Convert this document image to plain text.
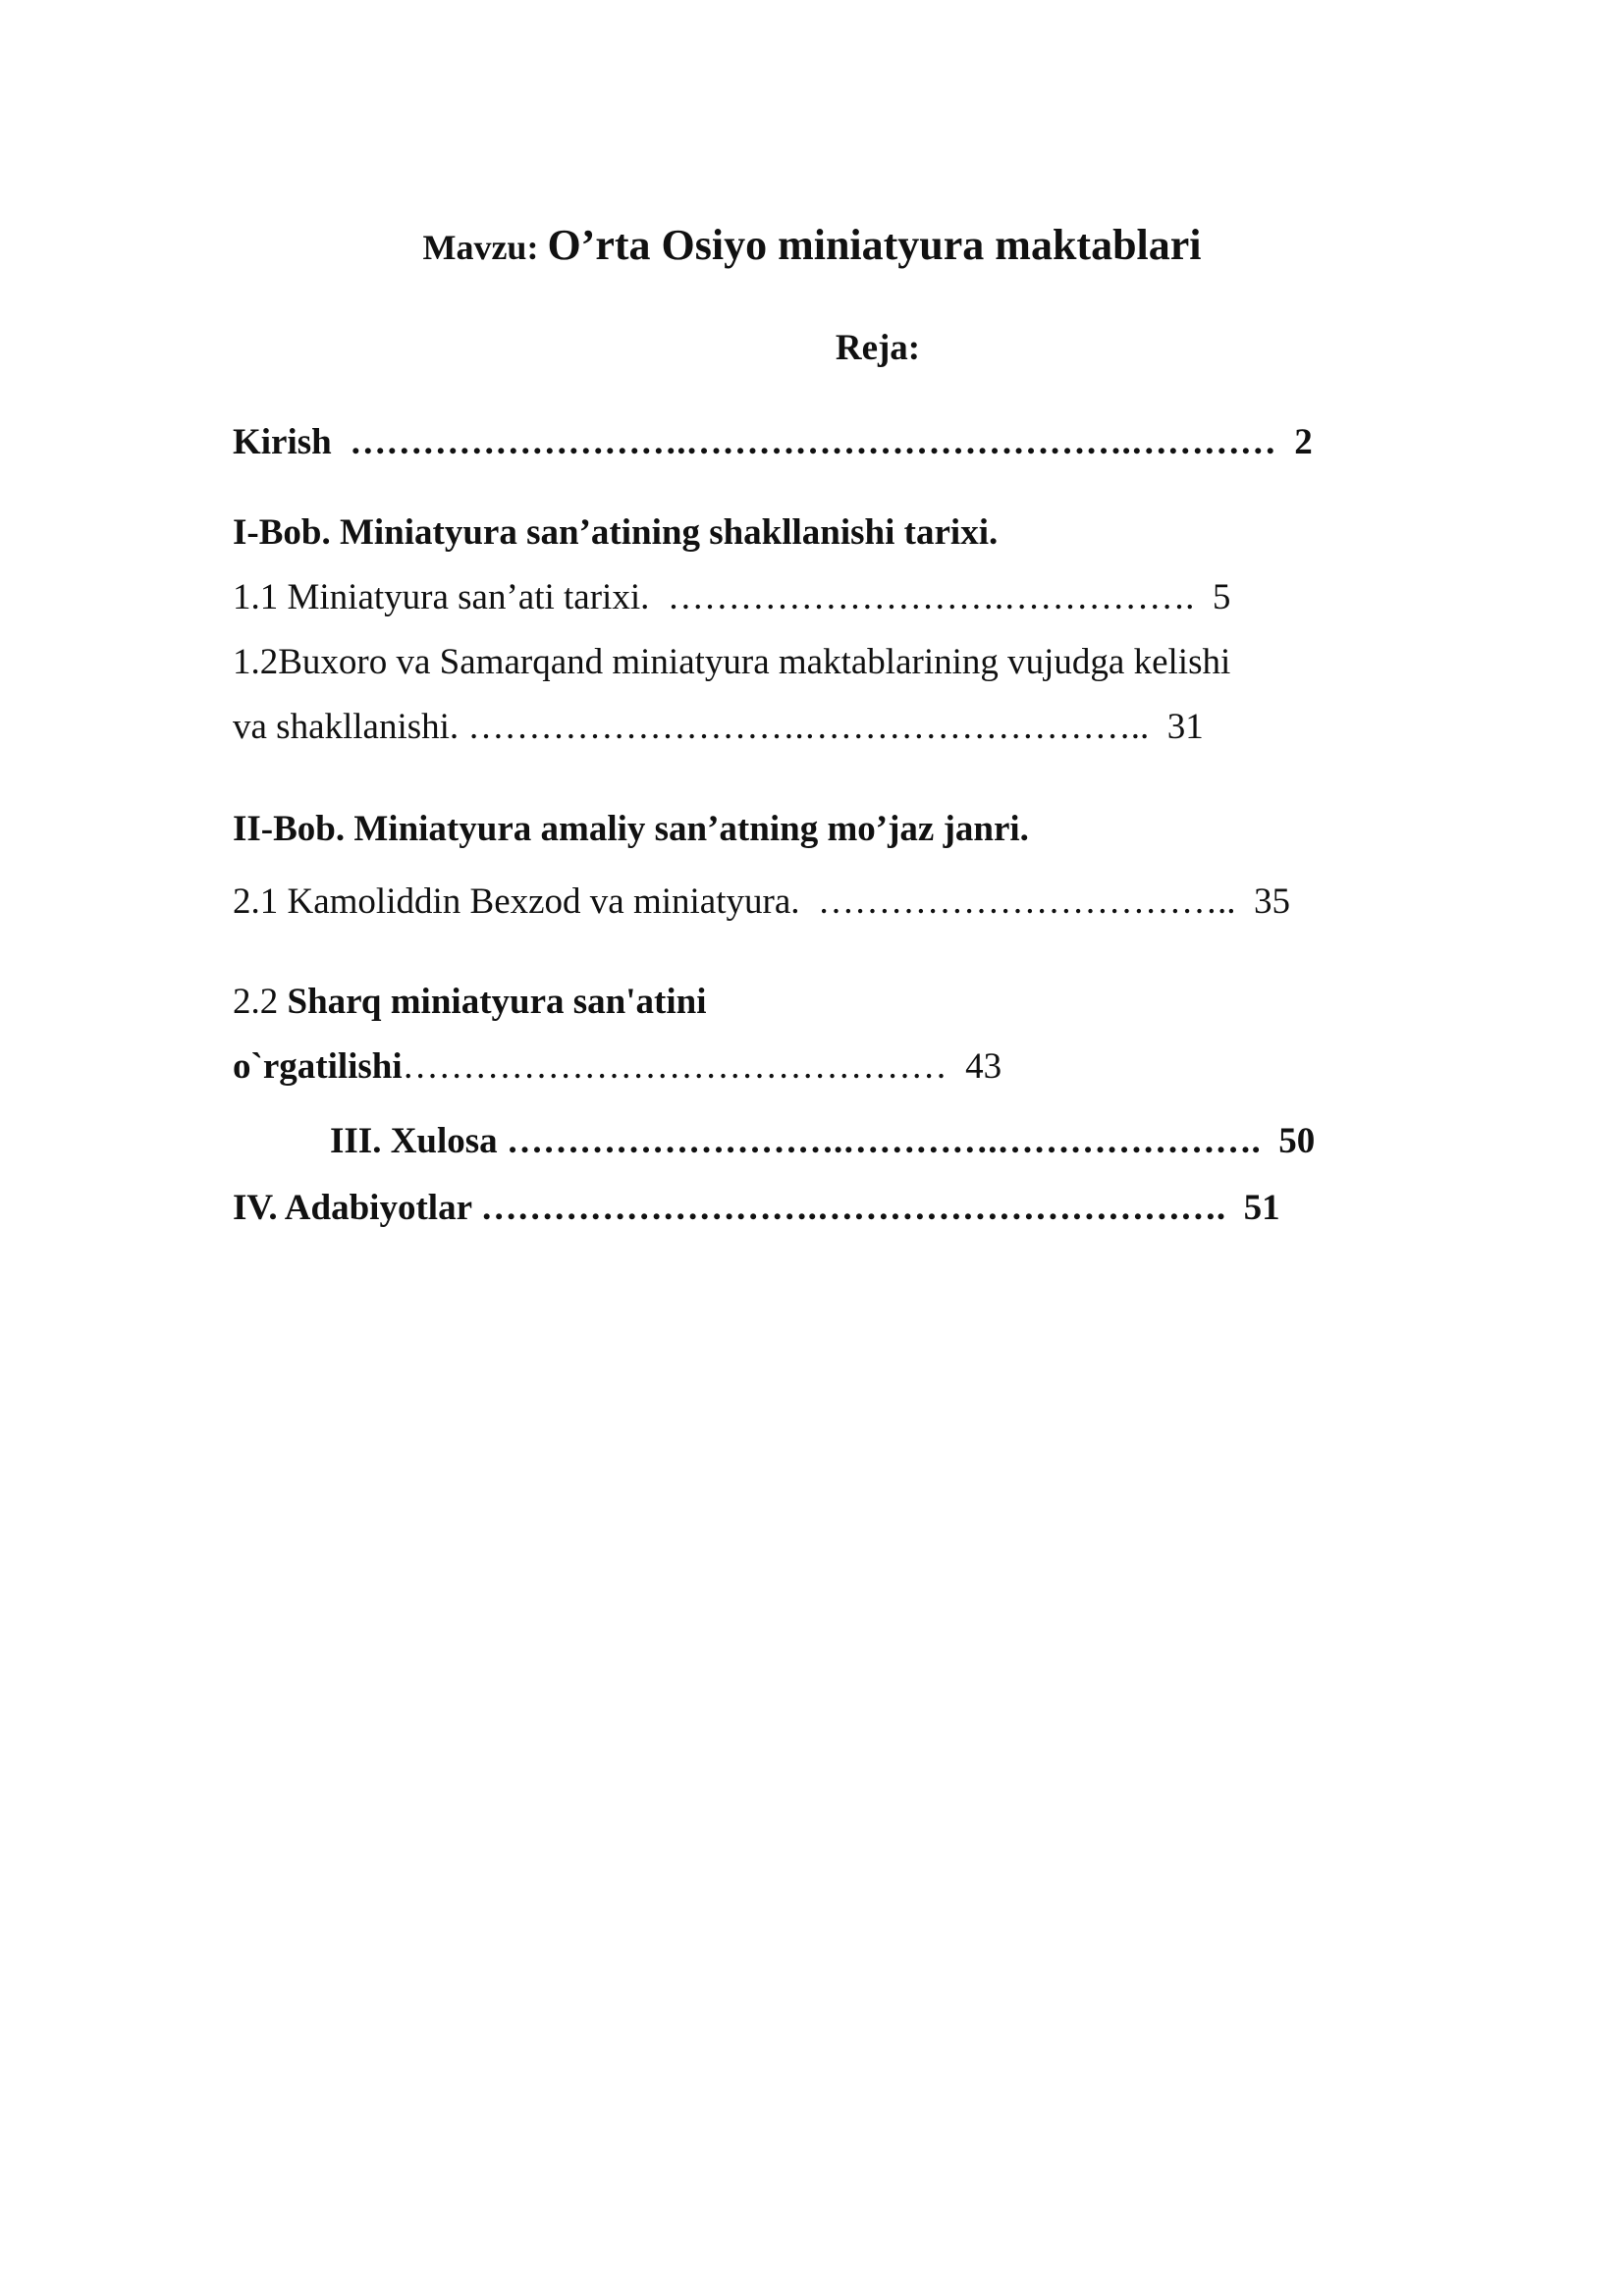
Mavzu: O’rta Osiyo miniatyura maktablari
Reja:
Kirish ……………………….……………………………….………… 2
I-Bob. Miniatyura san’atining shakllanishi tarixi.
1.1 Miniatyura san’ati tarixi. ……………………….……………. 5
1.2Buxoro va Samarqand miniatyura maktablarining vujudga kelishi
va shakllanishi. ……………………….……………………….. 31
II-Bob. Miniatyura amaliy san’atning mo’jaz janri.
2.1 Kamoliddin Bexzod va miniatyura. …………………………….. 35
2.2 Sharq miniatyura san'atini
o`rgatilishi……………………………………… 43
III. Xulosa ……………………….………….…………………. 50
IV. Adabiyotlar ……………………….……………………………. 51
